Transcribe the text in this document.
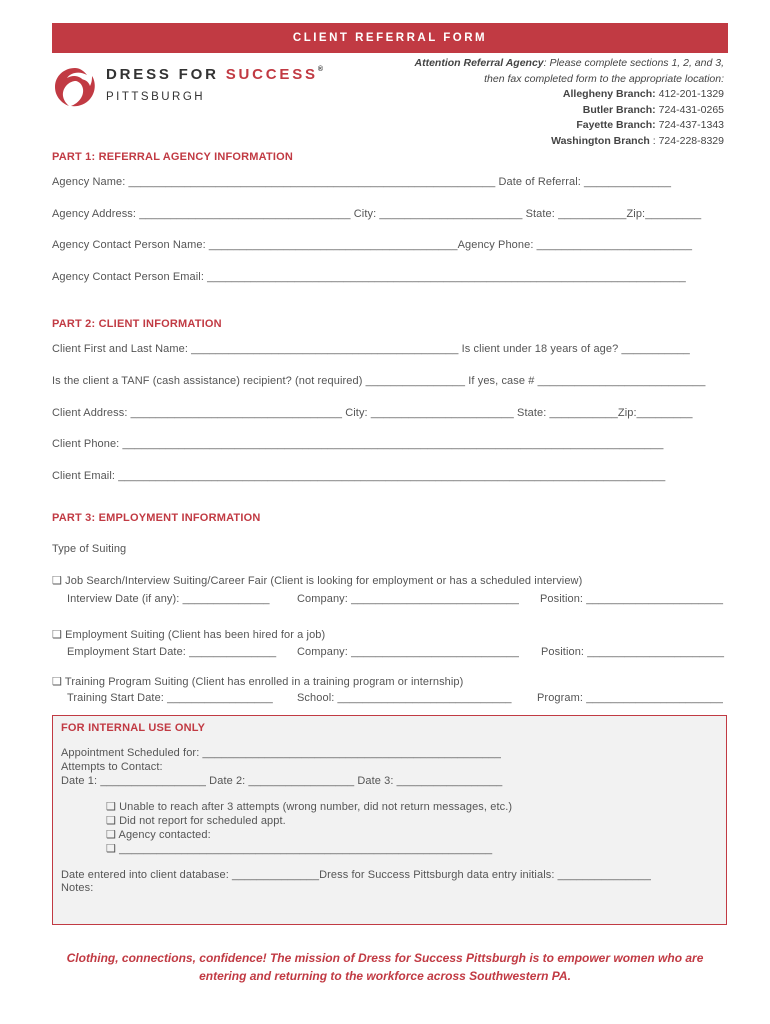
CLIENT REFERRAL FORM
DRESS FOR SUCCESS®
PITTSBURGH
Attention Referral Agency: Please complete sections 1, 2, and 3,
then fax completed form to the appropriate location:
Allegheny Branch: 412-201-1329
Butler Branch: 724-431-0265
Fayette Branch: 724-437-1343
Washington Branch : 724-228-8329
PART 1: REFERRAL AGENCY INFORMATION
Agency Name: ___________________________________________________________ Date of Referral: ______________
Agency Address: __________________________________ City: _______________________ State: ___________Zip:_________
Agency Contact Person Name: ________________________________________Agency Phone: _________________________
Agency Contact Person Email: _____________________________________________________________________________
PART 2: CLIENT INFORMATION
Client First and Last Name: ___________________________________________ Is client under 18 years of age? ___________
Is the client a TANF (cash assistance) recipient? (not required) ________________ If yes, case # ___________________________
Client Address: __________________________________ City: _______________________ State: ___________Zip:_________
Client Phone: _______________________________________________________________________________________
Client Email: ________________________________________________________________________________________
PART 3: EMPLOYMENT INFORMATION
Type of Suiting
❑ Job Search/Interview Suiting/Career Fair (Client is looking for employment or has a scheduled interview)
Interview Date (if any): ______________ Company: ___________________________ Position: ______________________
❑ Employment Suiting (Client has been hired for a job)
Employment Start Date: ______________ Company: ___________________________ Position: ______________________
❑ Training Program Suiting (Client has enrolled in a training program or internship)
Training Start Date: _________________ School: ____________________________ Program: ______________________
FOR INTERNAL USE ONLY
Appointment Scheduled for: ________________________________________________
Attempts to Contact:
Date 1: _________________ Date 2: _________________ Date 3: _________________
❑ Unable to reach after 3 attempts (wrong number, did not return messages, etc.)
❑ Did not report for scheduled appt.
❑ Agency contacted:
❑ ____________________________________________________________
Date entered into client database: ______________Dress for Success Pittsburgh data entry initials: _______________
Notes:
Clothing, connections, confidence! The mission of Dress for Success Pittsburgh is to empower women who are
entering and returning to the workforce across Southwestern PA.
